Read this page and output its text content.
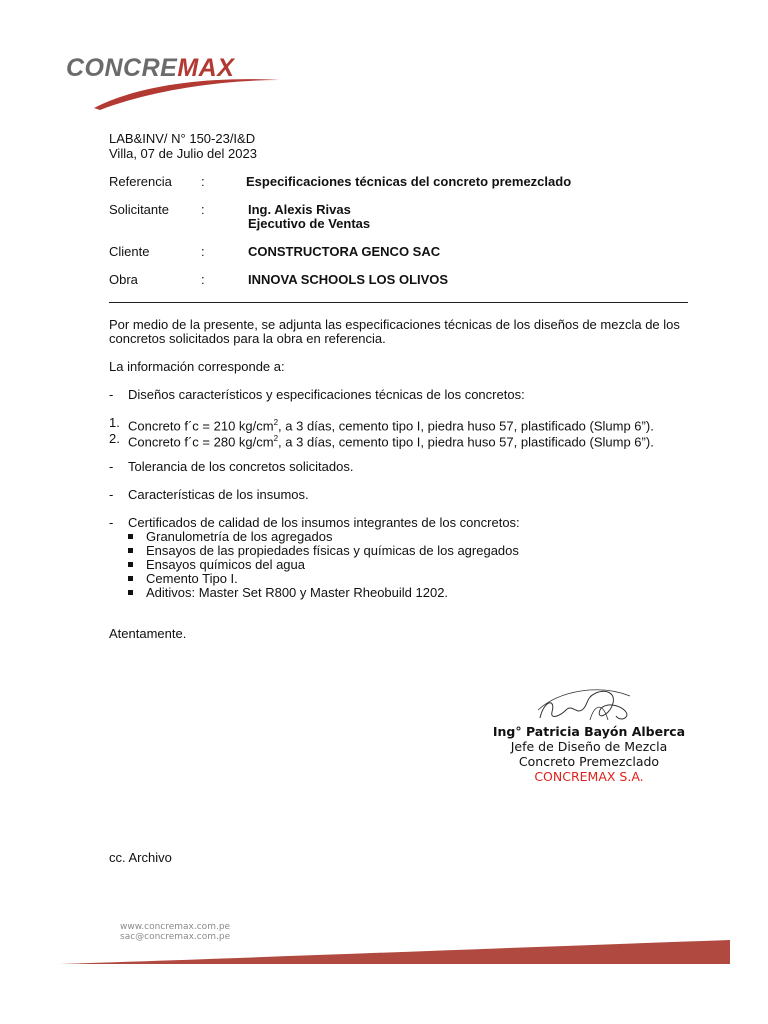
CONCREMAX
LAB&INV/ N° 150-23/I&D
Villa, 07 de Julio del 2023
Referencia :	Especificaciones técnicas del concreto premezclado
Solicitante :	Ing. Alexis Rivas
Ejecutivo de Ventas
Cliente	:	CONSTRUCTORA GENCO SAC
Obra	:	INNOVA SCHOOLS LOS OLIVOS
Por medio de la presente, se adjunta las especificaciones técnicas de los diseños de mezcla de los
concretos solicitados para la obra en referencia.
La información corresponde a:
- Diseños característicos y especificaciones técnicas de los concretos:
1. Concreto f´c = 210 $kg/cm^2$, a 3 días, cemento tipo I, piedra huso 57, plastificado (Slump 6”).
2. Concreto f´c = 280 $kg/cm^2$, a 3 días, cemento tipo I, piedra huso 57, plastificado (Slump 6”).
- Tolerancia de los concretos solicitados.
- Características de los insumos.
- Certificados de calidad de los insumos integrantes de los concretos:
Granulometría de los agregados
Ensayos de las propiedades físicas y químicas de los agregados
Ensayos químicos del agua
Cemento Tipo I.
Aditivos: Master Set R800 y Master Rheobuild 1202.
Atentamente.
Ing° Patricia Bayón Alberca
Jefe de Diseño de Mezcla
Concreto Premezclado
CONCREMAX S.A.
cc. Archivo
www.concremax.com.pe
sac@concremax.com.pe
